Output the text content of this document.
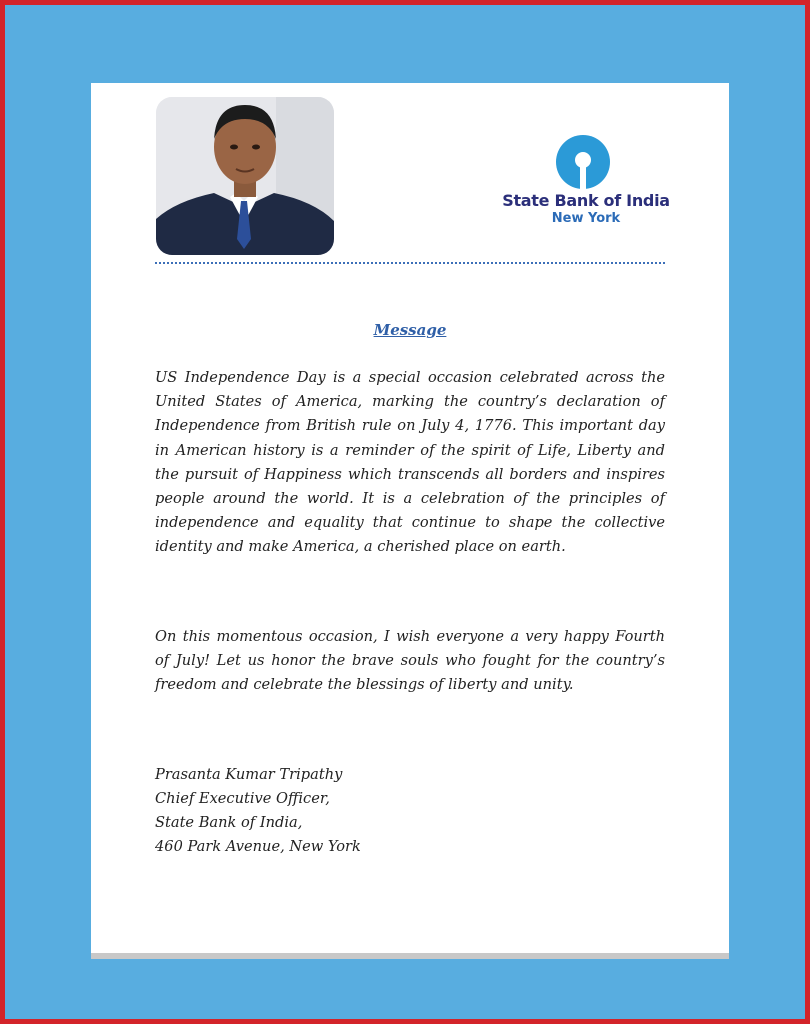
State Bank of India
New York
Message

US Independence Day is a special occasion celebrated across the United States of America, marking the country’s declaration of Independence from British rule on July 4, 1776. This important day in American history is a reminder of the spirit of Life, Liberty and the pursuit of Happiness which transcends all borders and inspires people around the world. It is a celebration of the principles of independence and equality that continue to shape the collective identity and make America, a cherished place on earth.

On this momentous occasion, I wish everyone a very happy Fourth of July! Let us honor the brave souls who fought for the country’s freedom and celebrate the blessings of liberty and unity.

Prasanta Kumar Tripathy
Chief Executive Officer,
State Bank of India,
460 Park Avenue, New York
